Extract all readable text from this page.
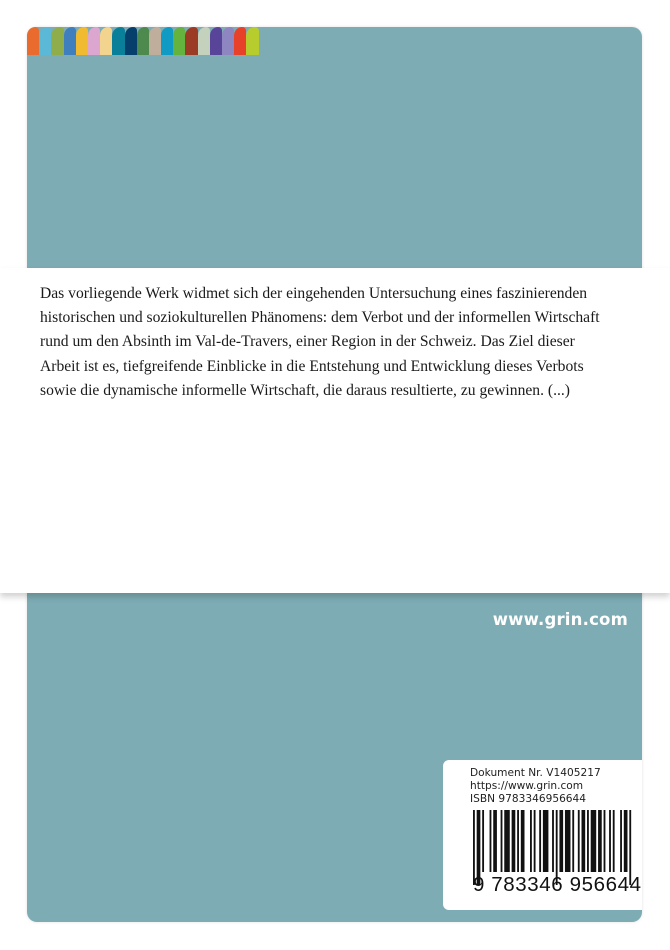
Das vorliegende Werk widmet sich der eingehenden Untersuchung eines faszinierenden
historischen und soziokulturellen Phänomens: dem Verbot und der informellen Wirtschaft
rund um den Absinth im Val-de-Travers, einer Region in der Schweiz. Das Ziel dieser
Arbeit ist es, tiefgreifende Einblicke in die Entstehung und Entwicklung dieses Verbots
sowie die dynamische informelle Wirtschaft, die daraus resultierte, zu gewinnen. (...)
www.grin.com
Dokument Nr. V1405217
https://www.grin.com
ISBN 9783346956644
9 783346 956644
